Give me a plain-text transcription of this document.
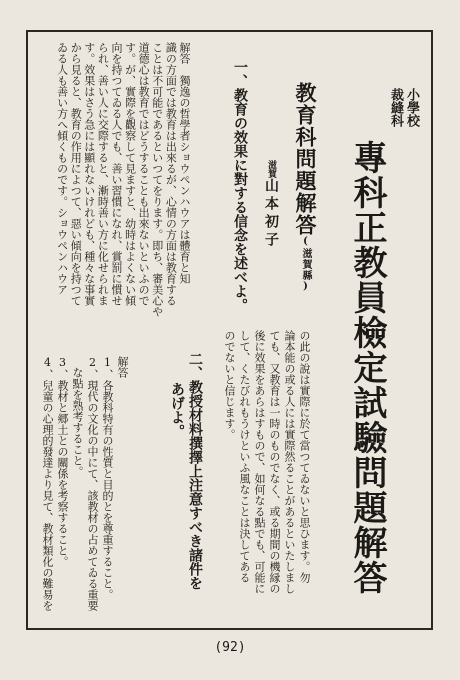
小學校
裁縫科
專科正教員檢定試驗問題解答
教育科問題解答(滋賀縣)
滋賀山本初子
一、教育の效果に對する信念を述べよ。
解答　獨逸の哲學者ショウペンハウアは體育と知
識の方面では教育は出來るが、心情の方面は教育する
ことは不可能であるといつてをります。即ち、審美心や
道德心は教育ではどうすることも出來ないといふので
す。が、實際を觀察して見ますと、幼時はよくない傾
向を持つてゐる人でも、善い習慣になれ、賞罰に慣せ
られ、善い人に交際すると、漸時善い方に化せられま
す。效果はさう急には顯れないけれども、種々な事實
から見ると、教育の作用によつて、惡い傾向を持つて
ゐる人も善い方へ傾くものです。ショウペンハウア
の此の說は實際に於て當つてゐないと思ひます。勿
論本能の或る人には實際然ることがあるといたしまし
ても、又教育は一時のものでなく、或る期間の機縁の
後に效果をあらはすもので、如何なる點でも、可能に
して、くたびれもうけといふ風なことは決してある
のでないと信じます。
二、教授材料撰擇上注意すべき諸件を
あげよ。
解答
1、各教科特有の性質と目的とを尊重すること。
2、現代の文化の中にて、該教材の占めてゐる重要
　な點を熟考すること。
3、教材と郷土との關係を考察すること。
4、兒童の心理的發達より見て、教材類化の難易を
(92)
